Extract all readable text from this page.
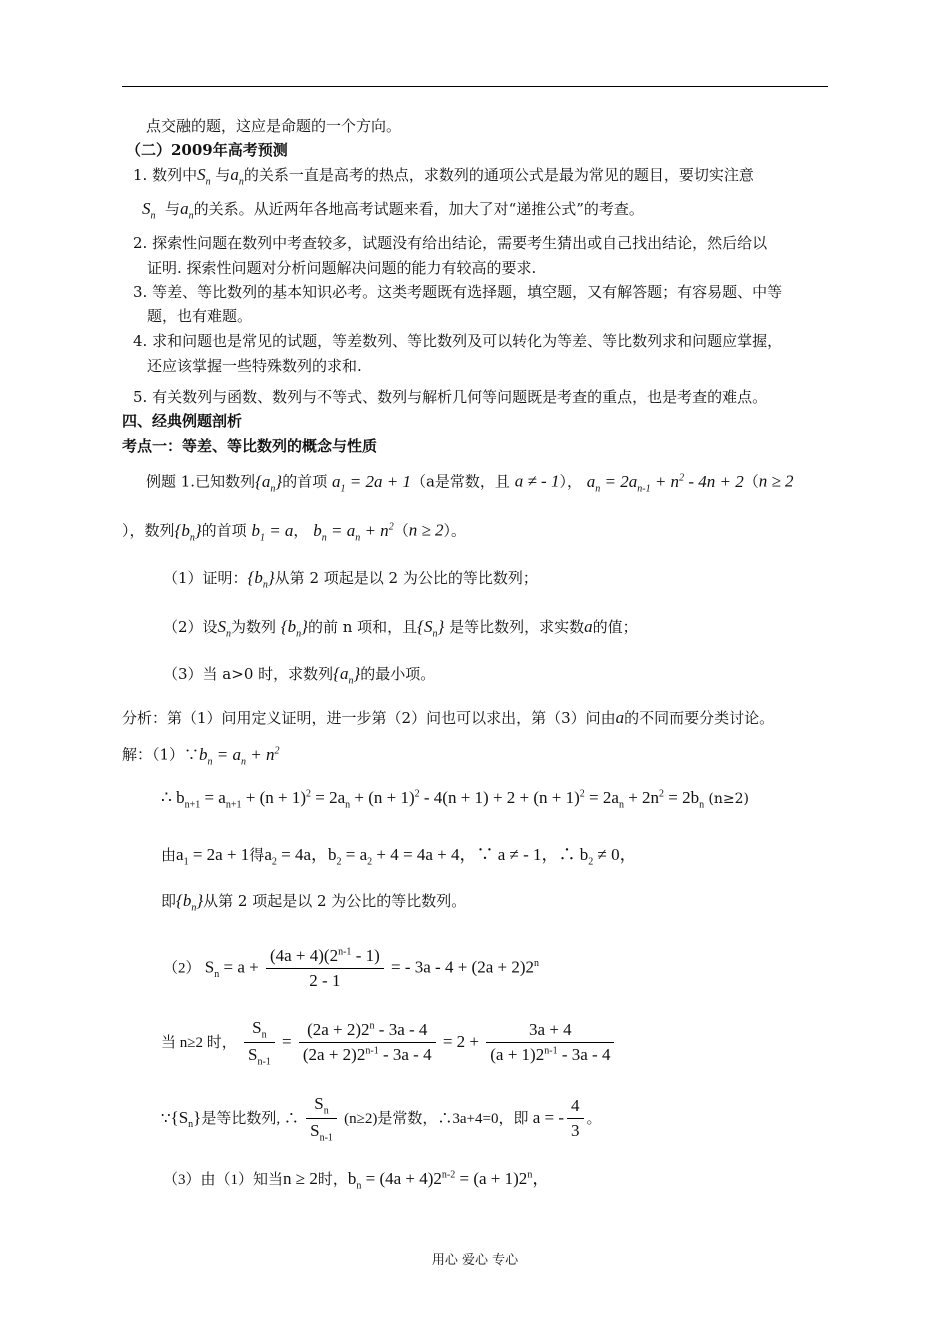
点交融的题，这应是命题的一个方向。
（二）2009年高考预测
1. 数列中$S_n$ 与$a_n$的关系一直是高考的热点，求数列的通项公式是最为常见的题目，要切实注意
$S_n$ 与$a_n$的关系。从近两年各地高考试题来看，加大了对“递推公式”的考查。
2. 探索性问题在数列中考查较多，试题没有给出结论，需要考生猜出或自己找出结论，然后给以
证明. 探索性问题对分析问题解决问题的能力有较高的要求.
3. 等差、等比数列的基本知识必考。这类考题既有选择题，填空题，又有解答题；有容易题、中等
题，也有难题。
4. 求和问题也是常见的试题，等差数列、等比数列及可以转化为等差、等比数列求和问题应掌握，
还应该掌握一些特殊数列的求和.
5. 有关数列与函数、数列与不等式、数列与解析几何等问题既是考查的重点，也是考查的难点。
四、经典例题剖析
考点一：等差、等比数列的概念与性质
例题 1.已知数列$\{a_n\}$的首项 $a_1 = 2a + 1(a$是常数，且 a ≠ - 1）， $a_n = 2a_{n-1} + n^2 - 4n + 2(n \ge 2$
），数列$\{b_n\}$的首项 $b_1 = a$， $b_n = a_n + n^2(n \ge 2)$。
（1）证明：$\{b_n\}$从第 2 项起是以 2 为公比的等比数列；
（2）设$S_n$为数列 $\{b_n\}$的前 n 项和，且$\{S_n\}$ 是等比数列，求实数a的值；
（3）当 a>0 时，求数列$\{a_n\}$的最小项。
分析：第（1）问用定义证明，进一步第（2）问也可以求出，第（3）问由a的不同而要分类讨论。
解：$(1)\because b_n = a_n + n^2$
∴ $b_{n+1} = a_{n+1} + (n + 1)^2 = 2a_n + (n + 1)^2 - 4(n + 1) + 2 + (n + 1)^2 = 2a_n + 2n^2 = 2b_n$ (n≥2)
由$a_1 = 2a + 1$得$a_2 = 4a$，$b_2 = a_2 + 4 = 4a + 4$，∵ a ≠ - 1，∴ $b_2 \ne 0$，
即$\{b_n\}$从第 2 项起是以 2 为公比的等比数列。
（2） $S_n = a + \frac{(4a + 4)(2^{n-1} - 1)}{2 - 1}$ = - $3a - 4 + (2a + 2)2^n$
当 n≥2 时， $\frac{S_n}{S_{n-1}} = \frac{(2a + 2)2^n - 3a - 4}{(2a + 2)2^{n-1} - 3a - 4} = 2 + \frac{3a + 4}{(a + 1)2^{n-1} - 3a - 4}$
$\because\{S_n\}$是等比数列, ∴ $\frac{S_n}{S_{n-1}} (n\ge 2)$是常数，∴3a+4=0，即 a = - $\frac{4}{3}$ 。
（3）由（1）知当n ≥ 2时，$b_n = (4a + 4)2^{n-2} = (a + 1)2^n$，
用心 爱心 专心
